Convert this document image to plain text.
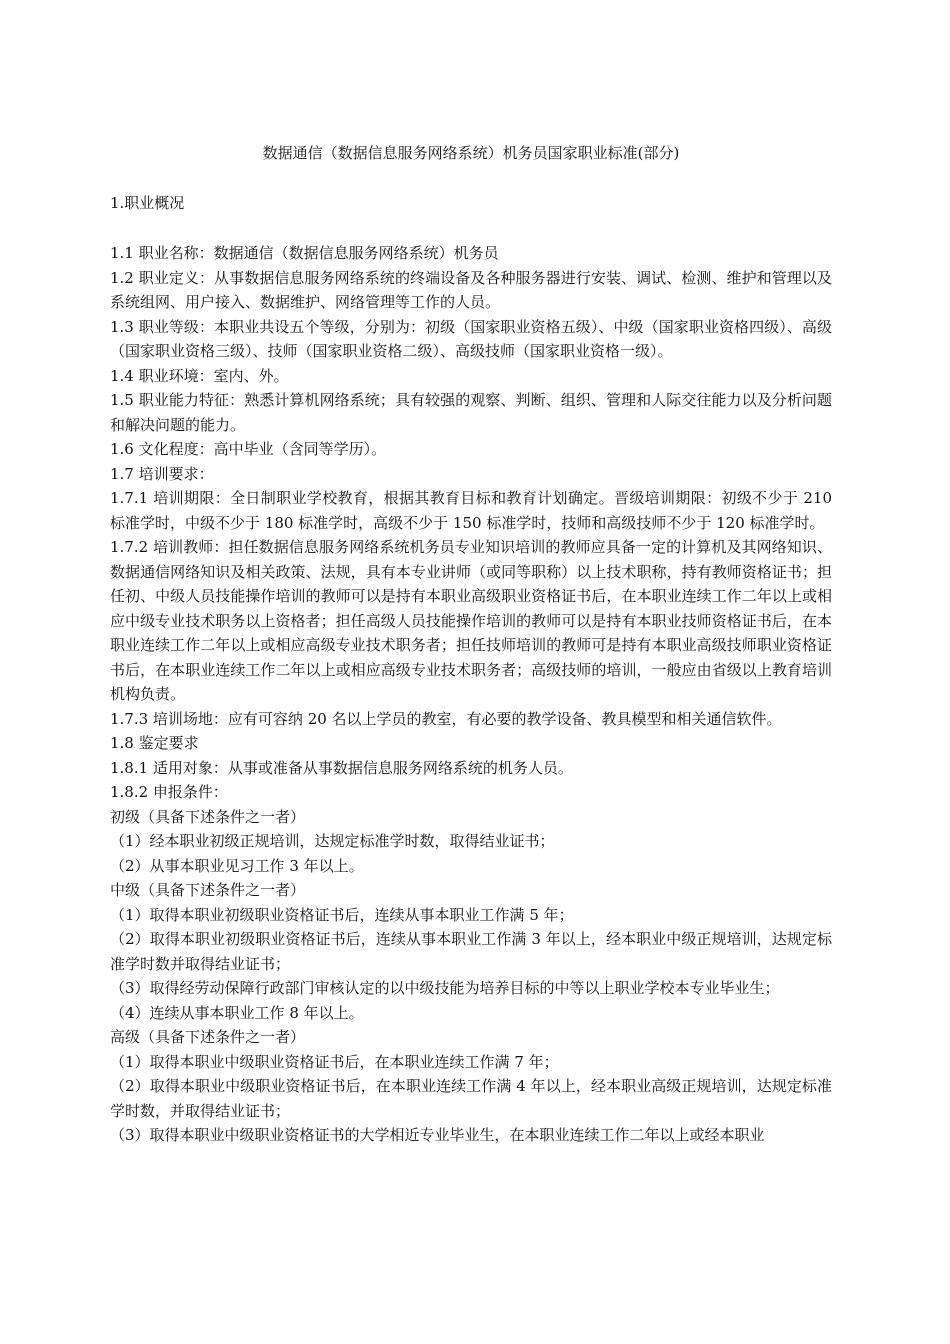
数据通信（数据信息服务网络系统）机务员国家职业标准(部分)

1.职业概况

1.1 职业名称：数据通信（数据信息服务网络系统）机务员

1.2 职业定义：从事数据信息服务网络系统的终端设备及各种服务器进行安装、调试、检测、维护和管理以及系统组网、用户接入、数据维护、网络管理等工作的人员。

1.3 职业等级：本职业共设五个等级，分别为：初级（国家职业资格五级）、中级（国家职业资格四级）、高级（国家职业资格三级）、技师（国家职业资格二级）、高级技师（国家职业资格一级）。

1.4 职业环境：室内、外。

1.5 职业能力特征：熟悉计算机网络系统；具有较强的观察、判断、组织、管理和人际交往能力以及分析问题和解决问题的能力。

1.6 文化程度：高中毕业（含同等学历）。

1.7 培训要求：

1.7.1 培训期限：全日制职业学校教育，根据其教育目标和教育计划确定。晋级培训期限：初级不少于 210 标准学时，中级不少于 180 标准学时，高级不少于 150 标准学时，技师和高级技师不少于 120 标准学时。

1.7.2 培训教师：担任数据信息服务网络系统机务员专业知识培训的教师应具备一定的计算机及其网络知识、数据通信网络知识及相关政策、法规，具有本专业讲师（或同等职称）以上技术职称，持有教师资格证书；担任初、中级人员技能操作培训的教师可以是持有本职业高级职业资格证书后，在本职业连续工作二年以上或相应中级专业技术职务以上资格者；担任高级人员技能操作培训的教师可以是持有本职业技师资格证书后，在本职业连续工作二年以上或相应高级专业技术职务者；担任技师培训的教师可是持有本职业高级技师职业资格证书后，在本职业连续工作二年以上或相应高级专业技术职务者；高级技师的培训，一般应由省级以上教育培训机构负责。

1.7.3 培训场地：应有可容纳 20 名以上学员的教室，有必要的教学设备、教具模型和相关通信软件。

1.8 鉴定要求

1.8.1 适用对象：从事或准备从事数据信息服务网络系统的机务人员。

1.8.2 申报条件：

初级（具备下述条件之一者）

（1）经本职业初级正规培训，达规定标准学时数，取得结业证书；

（2）从事本职业见习工作 3 年以上。

中级（具备下述条件之一者）

（1）取得本职业初级职业资格证书后，连续从事本职业工作满 5 年；

（2）取得本职业初级职业资格证书后，连续从事本职业工作满 3 年以上，经本职业中级正规培训，达规定标准学时数并取得结业证书；

（3）取得经劳动保障行政部门审核认定的以中级技能为培养目标的中等以上职业学校本专业毕业生；

（4）连续从事本职业工作 8 年以上。

高级（具备下述条件之一者）

（1）取得本职业中级职业资格证书后，在本职业连续工作满 7 年；

（2）取得本职业中级职业资格证书后，在本职业连续工作满 4 年以上，经本职业高级正规培训，达规定标准学时数，并取得结业证书；

（3）取得本职业中级职业资格证书的大学相近专业毕业生，在本职业连续工作二年以上或经本职业
